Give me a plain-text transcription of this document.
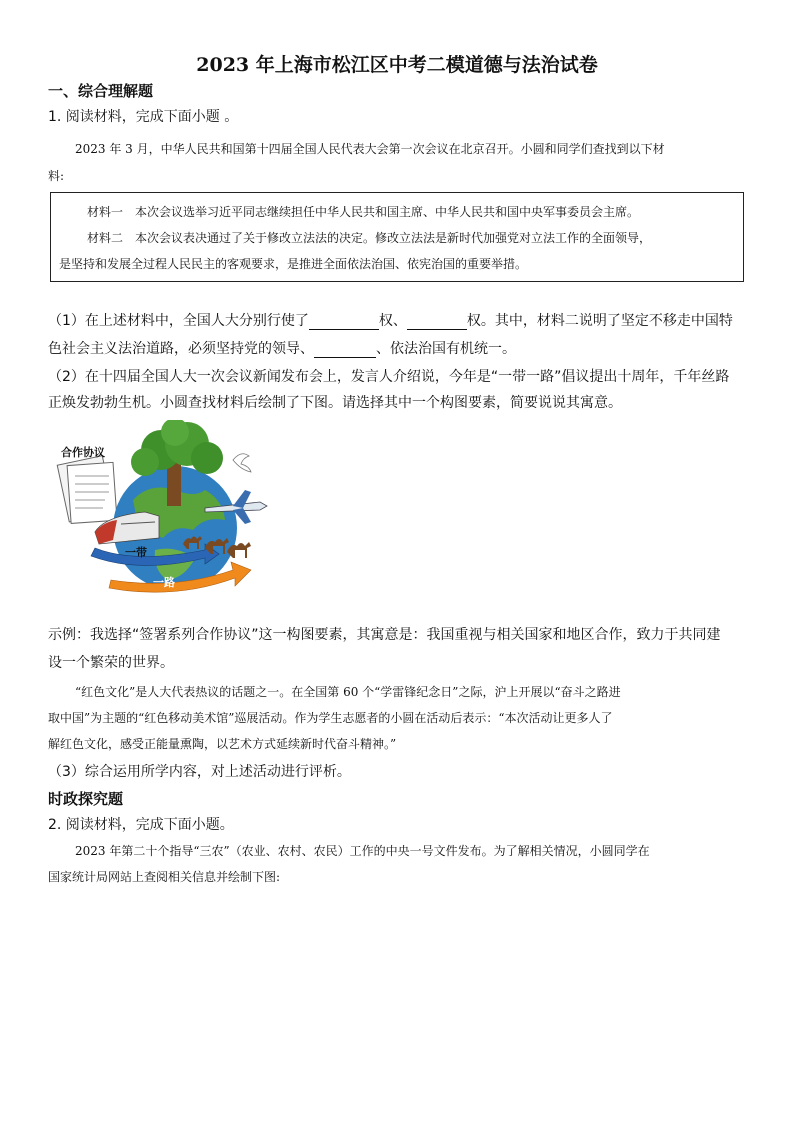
2023 年上海市松江区中考二模道德与法治试卷
一、综合理解题
1. 阅读材料，完成下面小题 。
2023 年 3 月，中华人民共和国第十四届全国人民代表大会第一次会议在北京召开。小圆和同学们查找到以下材
料:
材料一　本次会议选举习近平同志继续担任中华人民共和国主席、中华人民共和国中央军事委员会主席。
材料二　本次会议表决通过了关于修改立法法的决定。修改立法法是新时代加强党对立法工作的全面领导，
是坚持和发展全过程人民民主的客观要求，是推进全面依法治国、依宪治国的重要举措。
（1）在上述材料中，全国人大分别行使了	权、	权。其中，材料二说明了坚定不移走中国特
色社会主义法治道路，必须坚持党的领导、	、依法治国有机统一。
（2）在十四届全国人大一次会议新闻发布会上，发言人介绍说，今年是“一带一路”倡议提出十周年，千年丝路
正焕发勃勃生机。小圆查找材料后绘制了下图。请选择其中一个构图要素，简要说说其寓意。
合作协议
一带
一路
示例：我选择“签署系列合作协议”这一构图要素，其寓意是：我国重视与相关国家和地区合作，致力于共同建
设一个繁荣的世界。
“红色文化”是人大代表热议的话题之一。在全国第 60 个“学雷锋纪念日”之际，沪上开展以“奋斗之路进
取中国”为主题的“红色移动美术馆”巡展活动。作为学生志愿者的小圆在活动后表示：“本次活动让更多人了
解红色文化，感受正能量熏陶，以艺术方式延续新时代奋斗精神。”
（3）综合运用所学内容，对上述活动进行评析。
时政探究题
2. 阅读材料，完成下面小题。
2023 年第二十个指导“三农”（农业、农村、农民）工作的中央一号文件发布。为了解相关情况，小圆同学在
国家统计局网站上查阅相关信息并绘制下图:
